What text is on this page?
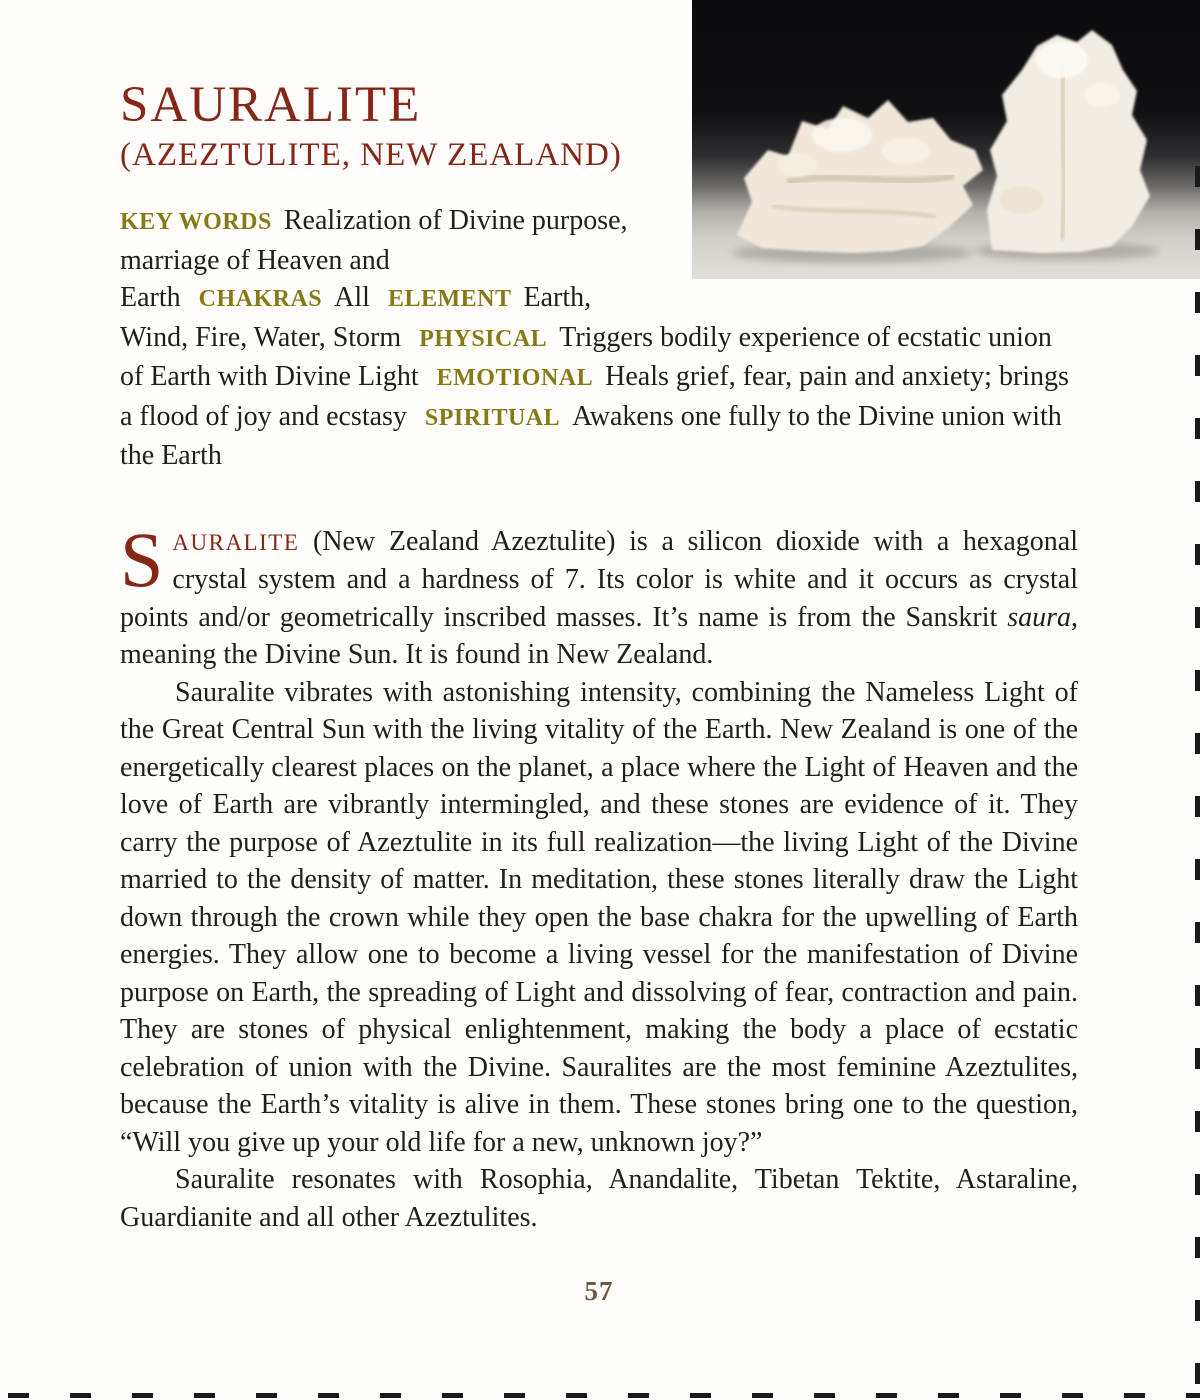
SAURALITE
(AZEZTULITE, NEW ZEALAND)

KEY WORDS Realization of Divine purpose, marriage of Heaven and Earth CHAKRAS All ELEMENT Earth, Wind, Fire, Water, Storm PHYSICAL Triggers bodily experience of ecstatic union of Earth with Divine Light EMOTIONAL Heals grief, fear, pain and anxiety; brings a flood of joy and ecstasy SPIRITUAL Awakens one fully to the Divine union with the Earth

SAURALITE (New Zealand Azeztulite) is a silicon dioxide with a hexagonal crystal system and a hardness of 7. Its color is white and it occurs as crystal points and/or geometrically inscribed masses. It’s name is from the Sanskrit saura, meaning the Divine Sun. It is found in New Zealand.

Sauralite vibrates with astonishing intensity, combining the Nameless Light of the Great Central Sun with the living vitality of the Earth. New Zealand is one of the energetically clearest places on the planet, a place where the Light of Heaven and the love of Earth are vibrantly intermingled, and these stones are evidence of it. They carry the purpose of Azeztulite in its full realization—the living Light of the Divine married to the density of matter. In meditation, these stones literally draw the Light down through the crown while they open the base chakra for the upwelling of Earth energies. They allow one to become a living vessel for the manifestation of Divine purpose on Earth, the spreading of Light and dissolving of fear, contraction and pain. They are stones of physical enlightenment, making the body a place of ecstatic celebration of union with the Divine. Sauralites are the most feminine Azeztulites, because the Earth’s vitality is alive in them. These stones bring one to the question, “Will you give up your old life for a new, unknown joy?”

Sauralite resonates with Rosophia, Anandalite, Tibetan Tektite, Astaraline, Guardianite and all other Azeztulites.

57
